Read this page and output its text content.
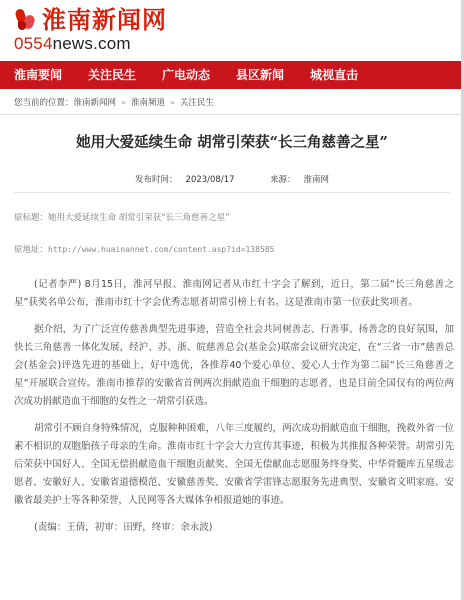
淮南新闻网
0554news.com
淮南要闻	关注民生	广电动态	县区新闻	城视直击
您当前的位置： 淮南新闻网 » 淮南频道 » 关注民生
她用大爱延续生命 胡常引荣获“长三角慈善之星”
发布时间： 2023/08/17	来源： 淮南网
原标题：她用大爱延续生命 胡常引荣获“长三角慈善之星”
原地址：http://www.huainannet.com/content.asp?id=138585

(记者李严) 8月15日，淮河早报、淮南网记者从市红十字会了解到，近日，第二届“长三角慈善之星”获奖名单公布，淮南市红十字会优秀志愿者胡常引榜上有名。这是淮南市第一位获此奖项者。

据介绍，为了广泛宣传慈善典型先进事迹，营造全社会共同树善志、行善事、扬善念的良好氛围，加快长三角慈善一体化发展，经沪、苏、浙、皖慈善总会(基金会)联席会议研究决定，在“三省一市”慈善总会(基金会)评选先进的基础上，好中选优，各推荐40个爱心单位、爱心人士作为第二届“长三角慈善之星”开展联合宣传。淮南市推荐的安徽省首例两次捐献造血干细胞的志愿者，也是目前全国仅有的两位两次成功捐献造血干细胞的女性之一胡常引获选。

胡常引不顾自身特殊情况，克服种种困难，八年三度履约，两次成功捐献造血干细胞，挽救外省一位素不相识的双胞胎孩子母亲的生命。淮南市红十字会大力宣传其事迹，积极为其推报各种荣誉。胡常引先后荣获中国好人、全国无偿捐献造血干细胞贡献奖、全国无偿献血志愿服务终身奖、中华骨髓库五星级志愿者、安徽好人、安徽省道德模范、安徽慈善奖、安徽省学雷锋志愿服务先进典型、安徽省文明家庭、安徽省最美护士等各种荣誉，人民网等各大媒体争相报道她的事迹。

(责编：王倩，初审：田野，终审：余永波)
